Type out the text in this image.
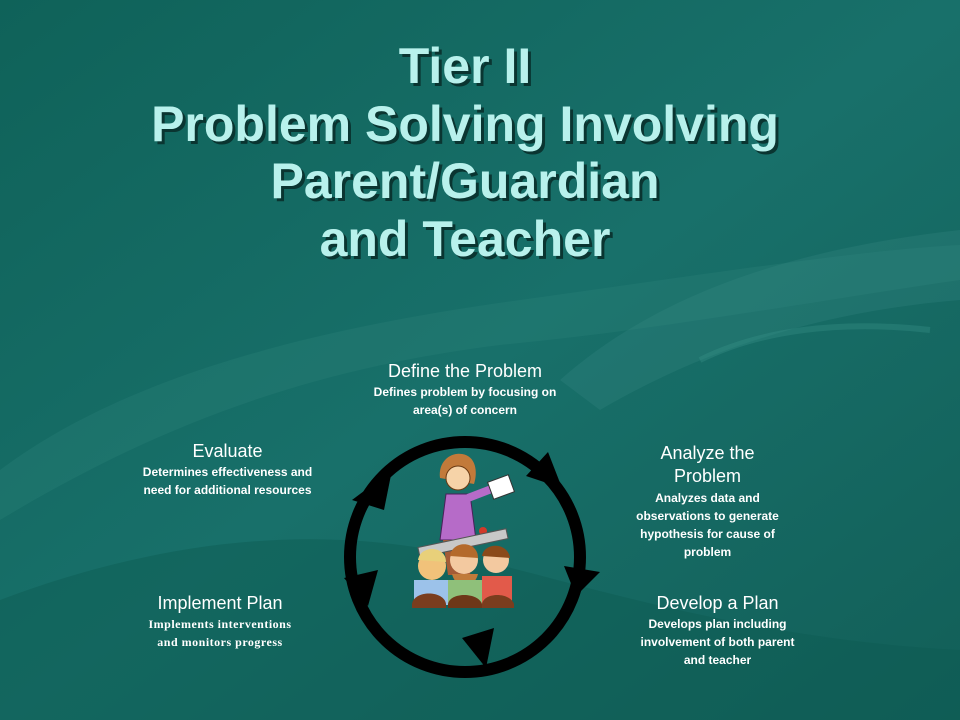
Tier II
Problem Solving Involving
Parent/Guardian
and Teacher
Define the Problem
Defines problem by focusing on
area(s) of concern
Analyze the
Problem
Analyzes data and
observations to generate
hypothesis for cause of
problem
Develop a Plan
Develops plan including
involvement of both parent
and teacher
Implement Plan
Implements interventions
and monitors progress
Evaluate
Determines effectiveness and
need for additional resources
